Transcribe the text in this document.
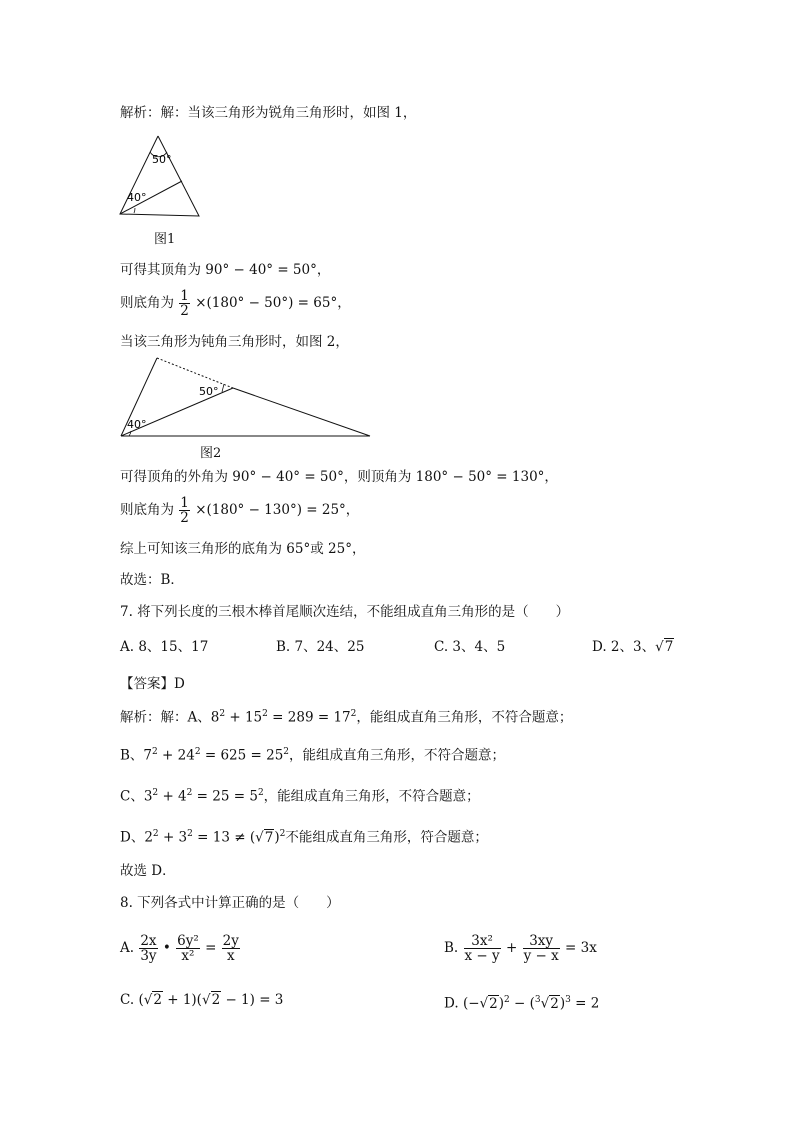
解析：解：当该三角形为锐角三角形时，如图 1，
50°
40°
图1
可得其顶角为 90° − 40° = 50°，
则底角为 $\frac{1}{2} \times(180^\circ - 50^\circ) = 65^\circ$，
当该三角形为钝角三角形时，如图 2，
50°
40°
图2
可得顶角的外角为 90° − 40° = 50°，则顶角为 180° − 50° = 130°，
则底角为 $\frac{1}{2} \times(180^\circ - 130^\circ) = 25^\circ$，
综上可知该三角形的底角为 65°或 25°，
故选：B．
7. 将下列长度的三根木棒首尾顺次连结，不能组成直角三角形的是（　　）
A. 8、15、17	B. 7、24、25	C. 3、4、5	D. 2、3、√7
【答案】D
解析：解：A、$8^2 + 15^2 = 289 = 17^2$，能组成直角三角形，不符合题意；
B、$7^2 + 24^2 = 625 = 25^2$，能组成直角三角形，不符合题意；
C、$3^2 + 4^2 = 25 = 5^2$，能组成直角三角形，不符合题意；
D、$2^2 + 3^2 = 13 \ne (√7)^2$不能组成直角三角形，符合题意；
故选 D．
8. 下列各式中计算正确的是（　　）
A. $\frac{2x}{3y}$ • $\frac{\text{6y²}}{\text{x²}} = \frac{2y}{x}$	B. $\frac{\text{3x²}}{x - y} + \frac{3xy}{y - x} = 3x$
C. (√2 + 1)(√2 − 1) = 3	D. $(-√2)^2 - (^3√2)^3 = 2$
